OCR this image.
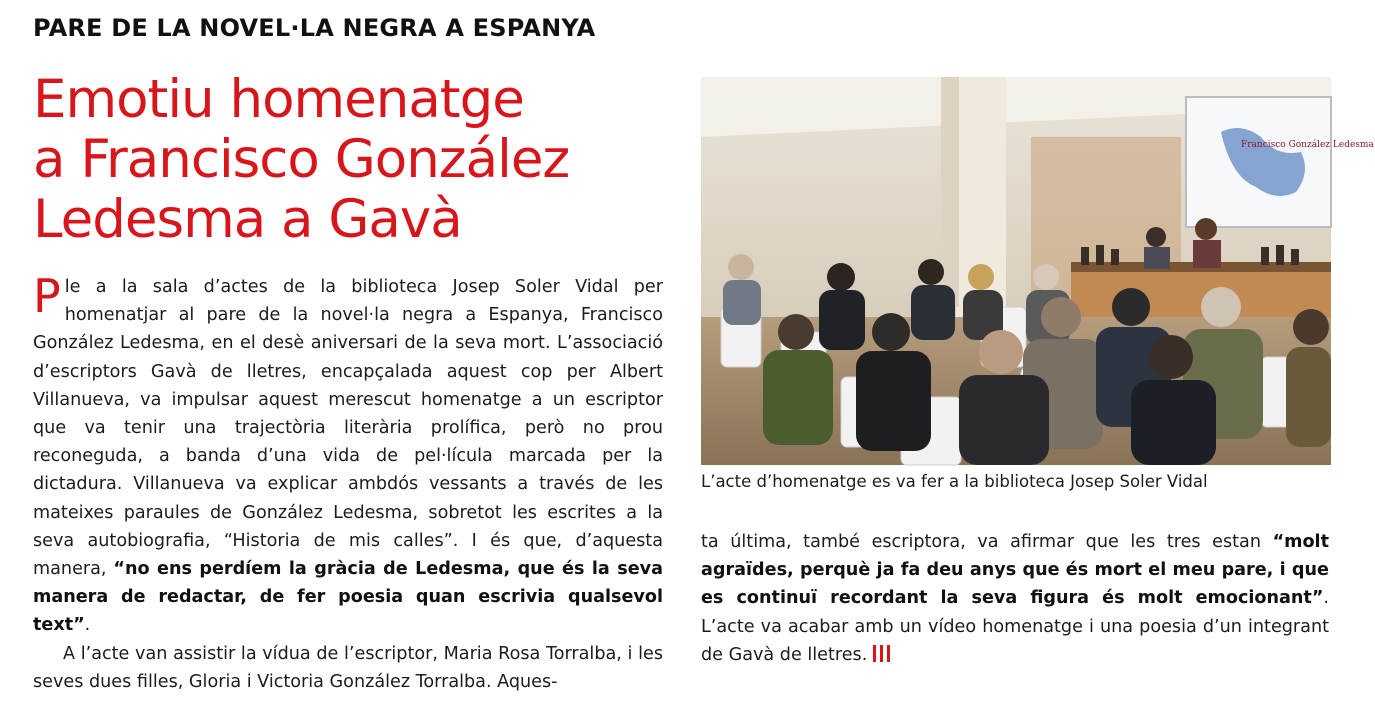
PARE DE LA NOVEL·LA NEGRA A ESPANYA
Emotiu homenatge
a Francisco González
Ledesma a Gavà

Ple a la sala d’actes de la biblioteca Josep Soler Vidal per homenatjar al pare de la novel·la negra a Espanya, Francisco González Ledesma, en el desè aniversari de la seva mort. L’associació d’escriptors Gavà de lletres, encapçalada aquest cop per Albert Villanueva, va impulsar aquest merescut homenatge a un escriptor que va tenir una trajectòria literària prolífica, però no prou reconeguda, a banda d’una vida de pel·lícula marcada per la dictadura. Villanueva va explicar ambdós vessants a través de les mateixes paraules de González Ledesma, sobretot les escrites a la seva autobiografia, “Historia de mis calles”. I és que, d’aquesta manera, “no ens perdíem la gràcia de Ledesma, que és la seva manera de redactar, de fer poesia quan escrivia qualsevol text”.

A l’acte van assistir la vídua de l’escriptor, Maria Rosa Torralba, i les seves dues filles, Gloria i Victoria González Torralba. Aques-

Francisco González Ledesma
L’acte d’homenatge es va fer a la biblioteca Josep Soler Vidal

ta última, també escriptora, va afirmar que les tres estan “molt agraïdes, perquè ja fa deu anys que és mort el meu pare, i que es continuï recordant la seva figura és molt emocionant”. L’acte va acabar amb un vídeo homenatge i una poesia d’un integrant de Gavà de lletres.
